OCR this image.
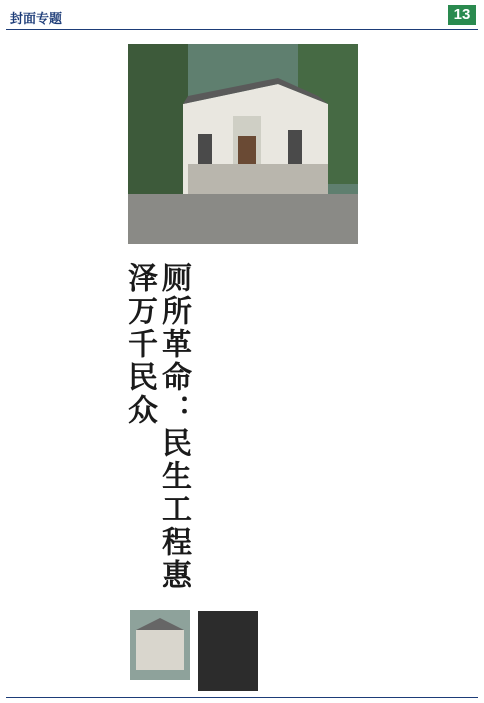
封面专题	13

厕所革命：民生工程惠泽万千民众
